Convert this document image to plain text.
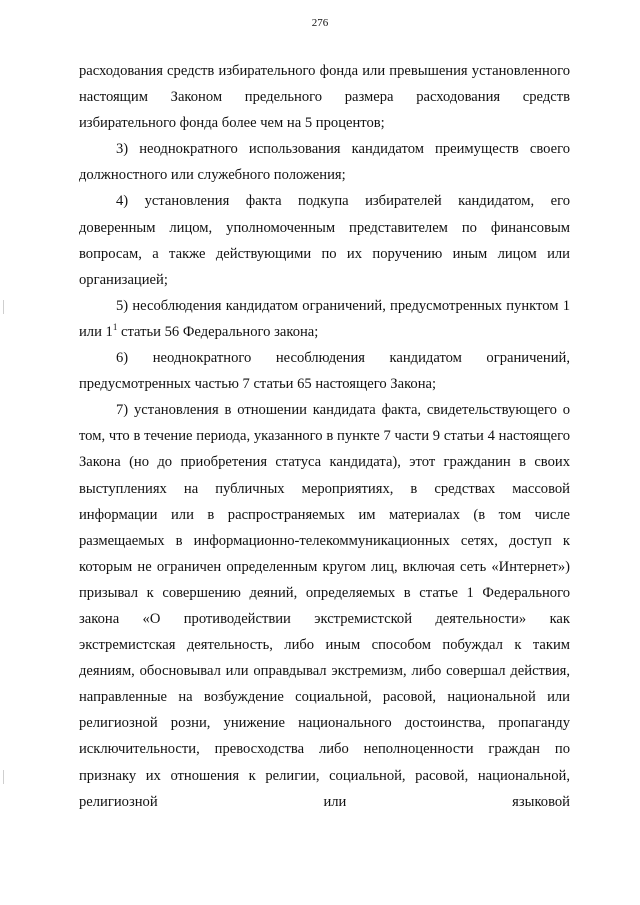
276

расходования средств избирательного фонда или превышения установленного настоящим Законом предельного размера расходования средств избирательного фонда более чем на 5 процентов;

3) неоднократного использования кандидатом преимуществ своего должностного или служебного положения;

4) установления факта подкупа избирателей кандидатом, его доверенным лицом, уполномоченным представителем по финансовым вопросам, а также действующими по их поручению иным лицом или организацией;

5) несоблюдения кандидатом ограничений, предусмотренных пунктом 1 или $1^1$ статьи 56 Федерального закона;

6) неоднократного несоблюдения кандидатом ограничений, предусмотренных частью 7 статьи 65 настоящего Закона;

7) установления в отношении кандидата факта, свидетельствующего о том, что в течение периода, указанного в пункте 7 части 9 статьи 4 настоящего Закона (но до приобретения статуса кандидата), этот гражданин в своих выступлениях на публичных мероприятиях, в средствах массовой информации или в распространяемых им материалах (в том числе размещаемых в информационно-телекоммуникационных сетях, доступ к которым не ограничен определенным кругом лиц, включая сеть «Интернет») призывал к совершению деяний, определяемых в статье 1 Федерального закона «О противодействии экстремистской деятельности» как экстремистская деятельность, либо иным способом побуждал к таким деяниям, обосновывал или оправдывал экстремизм, либо совершал действия, направленные на возбуждение социальной, расовой, национальной или религиозной розни, унижение национального достоинства, пропаганду исключительности, превосходства либо неполноценности граждан по признаку их отношения к религии, социальной, расовой, национальной, религиозной или языковой
